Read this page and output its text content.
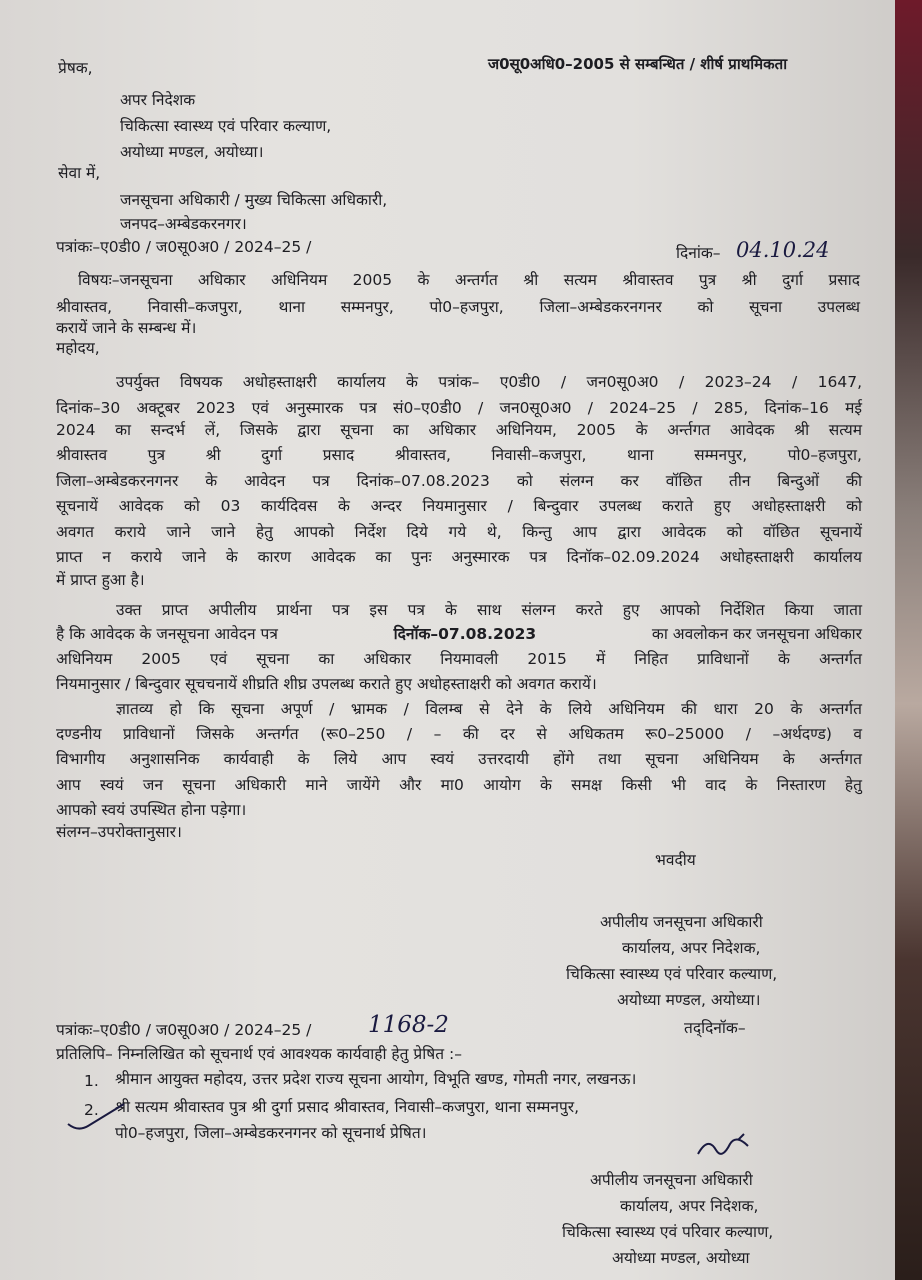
प्रेषक,	ज0सू0अधि0–2005 से सम्बन्धित / शीर्ष प्राथमिकता
अपर निदेशक
चिकित्सा स्वास्थ्य एवं परिवार कल्याण,
अयोध्या मण्डल, अयोध्या।
सेवा में,
जनसूचना अधिकारी / मुख्य चिकित्सा अधिकारी,
जनपद–अम्बेडकरनगर।
पत्रांकः–ए0डी0 / ज0सू0अ0 / 2024–25 /	दिनांक– 04.10.24
विषयः–जनसूचना अधिकार अधिनियम 2005 के अन्तर्गत श्री सत्यम श्रीवास्तव पुत्र श्री दुर्गा प्रसाद
श्रीवास्तव, निवासी–कजपुरा, थाना सम्मनपुर, पो0–हजपुरा, जिला–अम्बेडकरनगनर को सूचना उपलब्ध
करायें जाने के सम्बन्ध में।
महोदय,
उपर्युक्त विषयक अधोहस्ताक्षरी कार्यालय के पत्रांक– ए0डी0 / जन0सू0अ0 / 2023–24 / 1647,
दिनांक–30 अक्टूबर 2023 एवं अनुस्मारक पत्र सं0–ए0डी0 / जन0सू0अ0 / 2024–25 / 285, दिनांक–16 मई
2024 का सन्दर्भ लें, जिसके द्वारा सूचना का अधिकार अधिनियम, 2005 के अर्न्तगत आवेदक श्री सत्यम
श्रीवास्तव पुत्र श्री दुर्गा प्रसाद श्रीवास्तव, निवासी–कजपुरा, थाना सम्मनपुर, पो0–हजपुरा,
जिला–अम्बेडकरनगनर के आवेदन पत्र दिनांक–07.08.2023 को संलग्न कर वॉछित तीन बिन्दुओं की
सूचनायें आवेदक को 03 कार्यदिवस के अन्दर नियमानुसार / बिन्दुवार उपलब्ध कराते हुए अधोहस्ताक्षरी को
अवगत कराये जाने जाने हेतु आपको निर्देश दिये गये थे, किन्तु आप द्वारा आवेदक को वॉछित सूचनायें
प्राप्त न कराये जाने के कारण आवेदक का पुनः अनुस्मारक पत्र दिनॉक–02.09.2024 अधोहस्ताक्षरी कार्यालय
में प्राप्त हुआ है।
उक्त प्राप्त अपीलीय प्रार्थना पत्र इस पत्र के साथ संलग्न करते हुए आपको निर्देशित किया जाता
है कि आवेदक के जनसूचना आवेदन पत्र	दिनॉक–07.08.2023	का अवलोकन कर जनसूचना अधिकार
अधिनियम 2005 एवं सूचना का अधिकार नियमावली 2015 में निहित प्राविधानों के अन्तर्गत
नियमानुसार / बिन्दुवार सूचचनायें शीघ्रति शीघ्र उपलब्ध कराते हुए अधोहस्ताक्षरी को अवगत करायें।
ज्ञातव्य हो कि सूचना अपूर्ण / भ्रामक / विलम्ब से देने के लिये अधिनियम की धारा 20 के अन्तर्गत
दण्डनीय प्राविधानों जिसके अन्तर्गत (रू0–250 / – की दर से अधिकतम रू0–25000 / –अर्थदण्ड) व
विभागीय अनुशासनिक कार्यवाही के लिये आप स्वयं उत्तरदायी होंगे तथा सूचना अधिनियम के अर्न्तगत
आप स्वयं जन सूचना अधिकारी माने जायेंगे और मा0 आयोग के समक्ष किसी भी वाद के निस्तारण हेतु
आपको स्वयं उपस्थित होना पड़ेगा।
संलग्न–उपरोक्तानुसार।
भवदीय
अपीलीय जनसूचना अधिकारी
कार्यालय, अपर निदेशक,
चिकित्सा स्वास्थ्य एवं परिवार कल्याण,
अयोध्या मण्डल, अयोध्या।
पत्रांकः–ए0डी0 / ज0सू0अ0 / 2024–25 / 1168-2	तद्‌दिनॉक–
प्रतिलिपि– निम्नलिखित को सूचनार्थ एवं आवश्यक कार्यवाही हेतु प्रेषित :–
1. श्रीमान आयुक्त महोदय, उत्तर प्रदेश राज्य सूचना आयोग, विभूति खण्ड, गोमती नगर, लखनऊ।
2. श्री सत्यम श्रीवास्तव पुत्र श्री दुर्गा प्रसाद श्रीवास्तव, निवासी–कजपुरा, थाना सम्मनपुर,
पो0–हजपुरा, जिला–अम्बेडकरनगनर को सूचनार्थ प्रेषित।
अपीलीय जनसूचना अधिकारी
कार्यालय, अपर निदेशक,
चिकित्सा स्वास्थ्य एवं परिवार कल्याण,
अयोध्या मण्डल, अयोध्या
